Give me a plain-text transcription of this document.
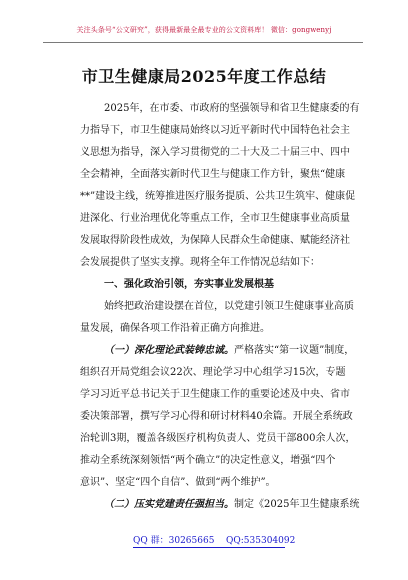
关注头条号“公文研究”，获得最新最全最专业的公文资料库！ 微信：gongwenyj
市卫生健康局2025年度工作总结
2025年，在市委、市政府的坚强领导和省卫生健康委的有
力指导下，市卫生健康局始终以习近平新时代中国特色社会主
义思想为指导，深入学习贯彻党的二十大及二十届三中、四中
全会精神，全面落实新时代卫生与健康工作方针，聚焦“健康
**”建设主线，统筹推进医疗服务提质、公共卫生筑牢、健康促
进深化、行业治理优化等重点工作，全市卫生健康事业高质量
发展取得阶段性成效，为保障人民群众生命健康、赋能经济社
会发展提供了坚实支撑。现将全年工作情况总结如下：
一、强化政治引领，夯实事业发展根基
始终把政治建设摆在首位，以党建引领卫生健康事业高质
量发展，确保各项工作沿着正确方向推进。
（一）深化理论武装铸忠诚。严格落实“第一议题”制度，
组织召开局党组会议22次、理论学习中心组学习15次，专题
学习习近平总书记关于卫生健康工作的重要论述及中央、省市
委决策部署，撰写学习心得和研讨材料40余篇。开展全系统政
治轮训3期，覆盖各级医疗机构负责人、党员干部800余人次，
推动全系统深刻领悟“两个确立”的决定性意义，增强“四个
意识”、坚定“四个自信”、做到“两个维护”。
（二）压实党建责任强担当。制定《2025年卫生健康系统
QQ 群：30265665 QQ:535304092
